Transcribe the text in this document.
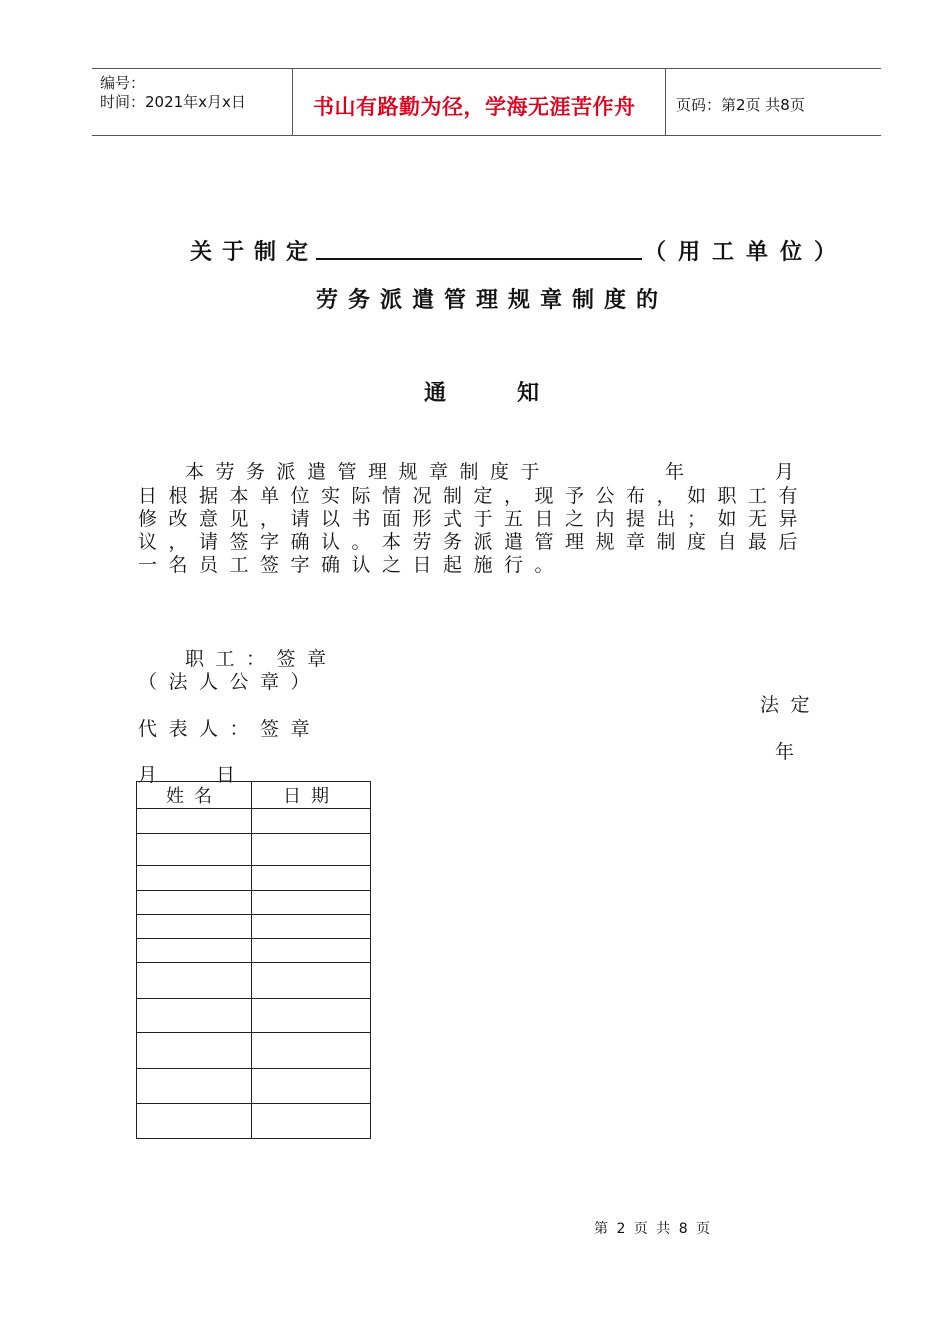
编号：
时间：2021年x月x日	书山有路勤为径，学海无涯苦作舟	页码：第2页 共8页
关于制定	（用工单位）
劳务派遣管理规章制度的
通	知
本劳务派遣管理规章制度于	年	月
日根据本单位实际情况制定，现予公布，如职工有
修改意见，请以书面形式于五日之内提出；如无异
议，请签字确认。本劳务派遣管理规章制度自最后
一名员工签字确认之日起施行。
职工：签章
（法人公章）
法定
代表人：签章
年
月 日
姓名	日期

第 2 页 共 8 页
